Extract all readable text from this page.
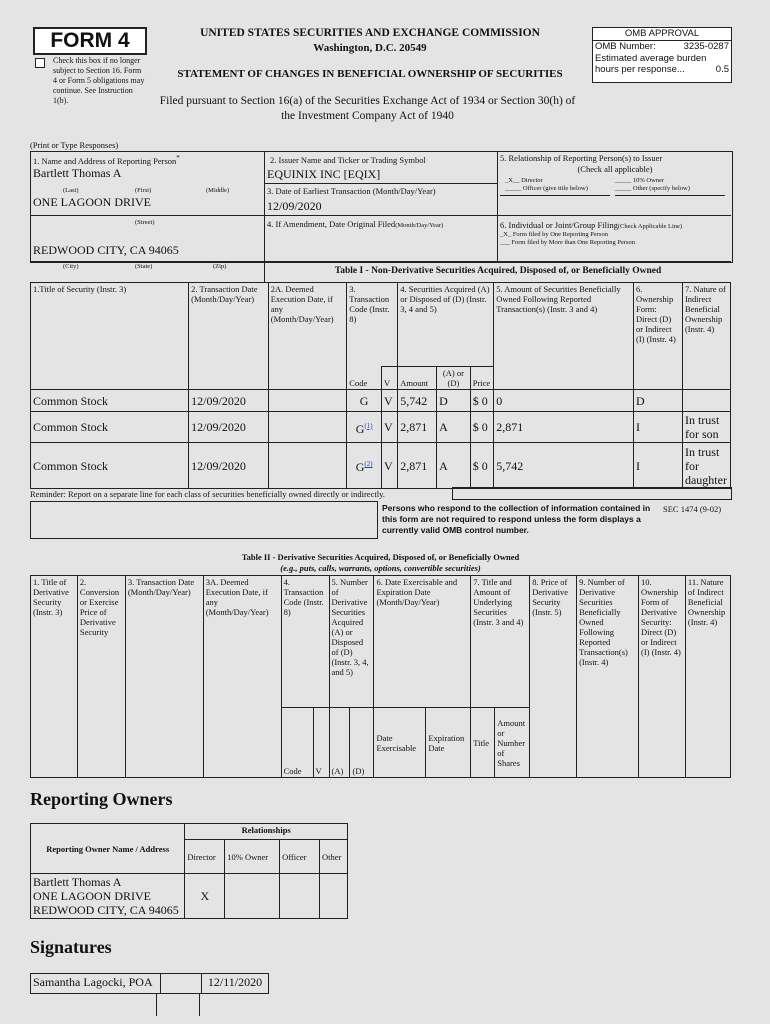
FORM 4
Check this box if no longer subject to Section 16. Form 4 or Form 5 obligations may continue. See Instruction 1(b).
UNITED STATES SECURITIES AND EXCHANGE COMMISSION
Washington, D.C. 20549
STATEMENT OF CHANGES IN BENEFICIAL OWNERSHIP OF SECURITIES
Filed pursuant to Section 16(a) of the Securities Exchange Act of 1934 or Section 30(h) of
the Investment Company Act of 1940
OMB APPROVAL
OMB Number:	3235-0287
Estimated average burden
hours per response...	0.5
(Print or Type Responses)
1. Name and Address of Reporting Person*
Bartlett Thomas A
(Last)	(First)	(Middle)
ONE LAGOON DRIVE
(Street)
REDWOOD CITY, CA 94065
(City)	(State)	(Zip)
2. Issuer Name and Ticker or Trading Symbol
EQUINIX INC [EQIX]
3. Date of Earliest Transaction (Month/Day/Year)
12/09/2020
4. If Amendment, Date Original Filed(Month/Day/Year)
5. Relationship of Reporting Person(s) to Issuer
(Check all applicable)
_X__ Director	_____ 10% Owner
_____ Officer (give title below)	_____ Other (specify below)
6. Individual or Joint/Group Filing(Check Applicable Line)
_X_ Form filed by One Reporting Person
___ Form filed by More than One Reporting Person
Table I - Non-Derivative Securities Acquired, Disposed of, or Beneficially Owned
1.Title of Security (Instr. 3)	2. Transaction Date (Month/Day/Year)	2A. Deemed Execution Date, if any (Month/Day/Year)	3. Transaction Code (Instr. 8)		4. Securities Acquired (A) or Disposed of (D) (Instr. 3, 4 and 5)			5. Amount of Securities Beneficially Owned Following Reported Transaction(s) (Instr. 3 and 4)	6. Ownership Form: Direct (D) or Indirect (I) (Instr. 4)	7. Nature of Indirect Beneficial Ownership (Instr. 4)
			Code	V	Amount	(A) or (D)	Price			
Common Stock	12/09/2020		G	V	5,742	D	$ 0	0	D	
Common Stock	12/09/2020		$G^{(1)}$	V	2,871	A	$ 0	2,871	I	In trust for son
Common Stock	12/09/2020		$G^{(2)}$	V	2,871	A	$ 0	5,742	I	In trust for daughter
Reminder: Report on a separate line for each class of securities beneficially owned directly or indirectly.
Persons who respond to the collection of information contained in this form are not required to respond unless the form displays a currently valid OMB control number.
SEC 1474 (9-02)
Table II - Derivative Securities Acquired, Disposed of, or Beneficially Owned
(e.g., puts, calls, warrants, options, convertible securities)
1. Title of Derivative Security (Instr. 3)	2. Conversion or Exercise Price of Derivative Security	3. Transaction Date (Month/Day/Year)	3A. Deemed Execution Date, if any (Month/Day/Year)	4. Transaction Code (Instr. 8)		5. Number of Derivative Securities Acquired (A) or Disposed of (D) (Instr. 3, 4, and 5)		6. Date Exercisable and Expiration Date (Month/Day/Year)		7. Title and Amount of Underlying Securities (Instr. 3 and 4)		8. Price of Derivative Security (Instr. 5)	9. Number of Derivative Securities Beneficially Owned Following Reported Transaction(s) (Instr. 4)	10. Ownership Form of Derivative Security: Direct (D) or Indirect (I) (Instr. 4)	11. Nature of Indirect Beneficial Ownership (Instr. 4)
				Code	V	(A)	(D)	Date Exercisable	Expiration Date	Title	Amount or Number of Shares				
Reporting Owners
Reporting Owner Name / Address	Relationships			
	Director	10% Owner	Officer	Other

Bartlett Thomas A
ONE LAGOON DRIVE
REDWOOD CITY, CA 94065	X			
Signatures
Samantha Lagocki, POA		12/11/2020
